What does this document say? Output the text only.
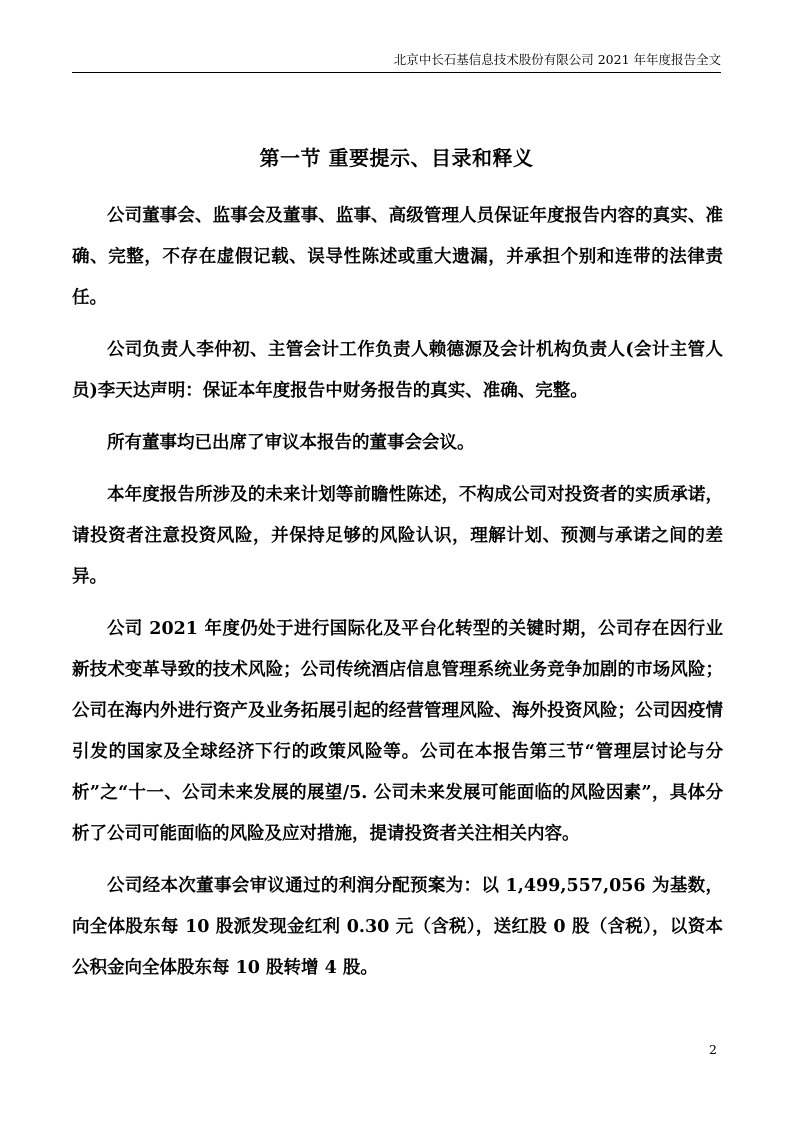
北京中长石基信息技术股份有限公司 2021 年年度报告全文
第一节 重要提示、目录和释义

公司董事会、监事会及董事、监事、高级管理人员保证年度报告内容的真实、准确、完整，不存在虚假记载、误导性陈述或重大遗漏，并承担个别和连带的法律责任。

公司负责人李仲初、主管会计工作负责人赖德源及会计机构负责人(会计主管人员)李天达声明：保证本年度报告中财务报告的真实、准确、完整。

所有董事均已出席了审议本报告的董事会会议。

本年度报告所涉及的未来计划等前瞻性陈述，不构成公司对投资者的实质承诺，请投资者注意投资风险，并保持足够的风险认识，理解计划、预测与承诺之间的差异。

公司 2021 年度仍处于进行国际化及平台化转型的关键时期，公司存在因行业新技术变革导致的技术风险；公司传统酒店信息管理系统业务竞争加剧的市场风险；公司在海内外进行资产及业务拓展引起的经营管理风险、海外投资风险；公司因疫情引发的国家及全球经济下行的政策风险等。公司在本报告第三节“管理层讨论与分析”之“十一、公司未来发展的展望/5. 公司未来发展可能面临的风险因素”，具体分析了公司可能面临的风险及应对措施，提请投资者关注相关内容。

公司经本次董事会审议通过的利润分配预案为：以 1,499,557,056 为基数，向全体股东每 10 股派发现金红利 0.30 元（含税），送红股 0 股（含税），以资本公积金向全体股东每 10 股转增 4 股。

2
